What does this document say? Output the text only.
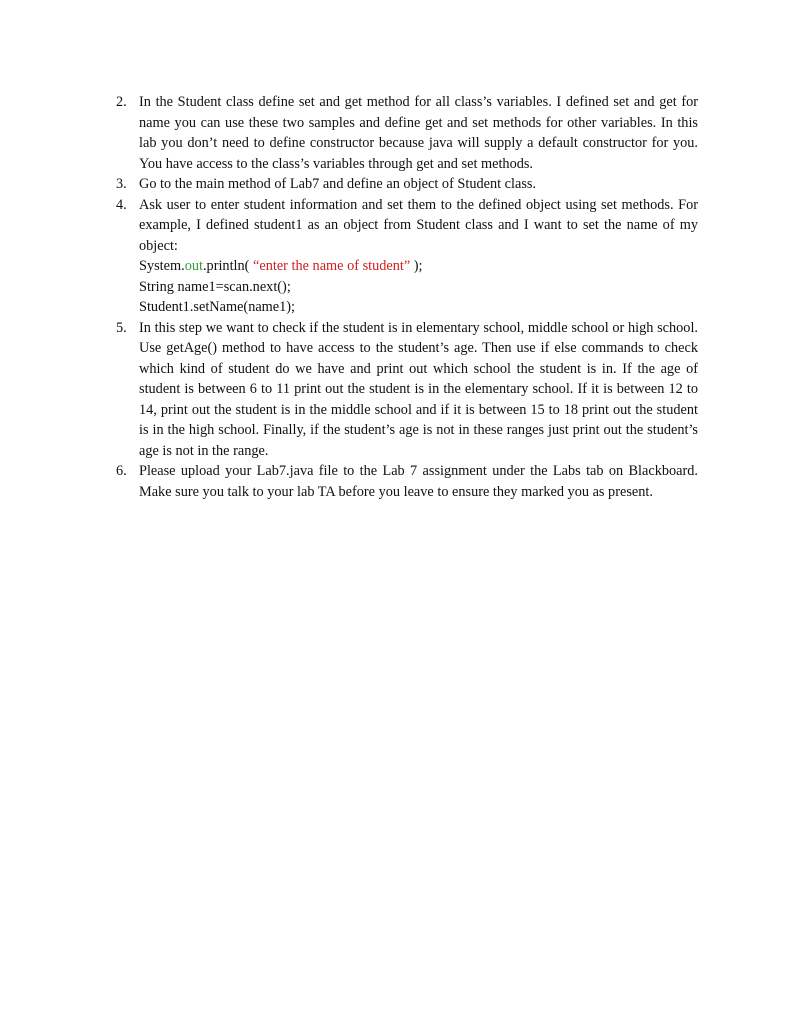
2. In the Student class define set and get method for all class’s variables. I defined set and get for name you can use these two samples and define get and set methods for other variables. In this lab you don’t need to define constructor because java will supply a default constructor for you. You have access to the class’s variables through get and set methods.

3. Go to the main method of Lab7 and define an object of Student class.

4. Ask user to enter student information and set them to the defined object using set methods. For example, I defined student1 as an object from Student class and I want to set the name of my object:

System.out.println( “enter the name of student” );

String name1=scan.next();

Student1.setName(name1);

5. In this step we want to check if the student is in elementary school, middle school or high school. Use getAge() method to have access to the student’s age. Then use if else commands to check which kind of student do we have and print out which school the student is in. If the age of student is between 6 to 11 print out the student is in the elementary school. If it is between 12 to 14, print out the student is in the middle school and if it is between 15 to 18 print out the student is in the high school. Finally, if the student’s age is not in these ranges just print out the student’s age is not in the range.

6. Please upload your Lab7.java file to the Lab 7 assignment under the Labs tab on Blackboard. Make sure you talk to your lab TA before you leave to ensure they marked you as present.
